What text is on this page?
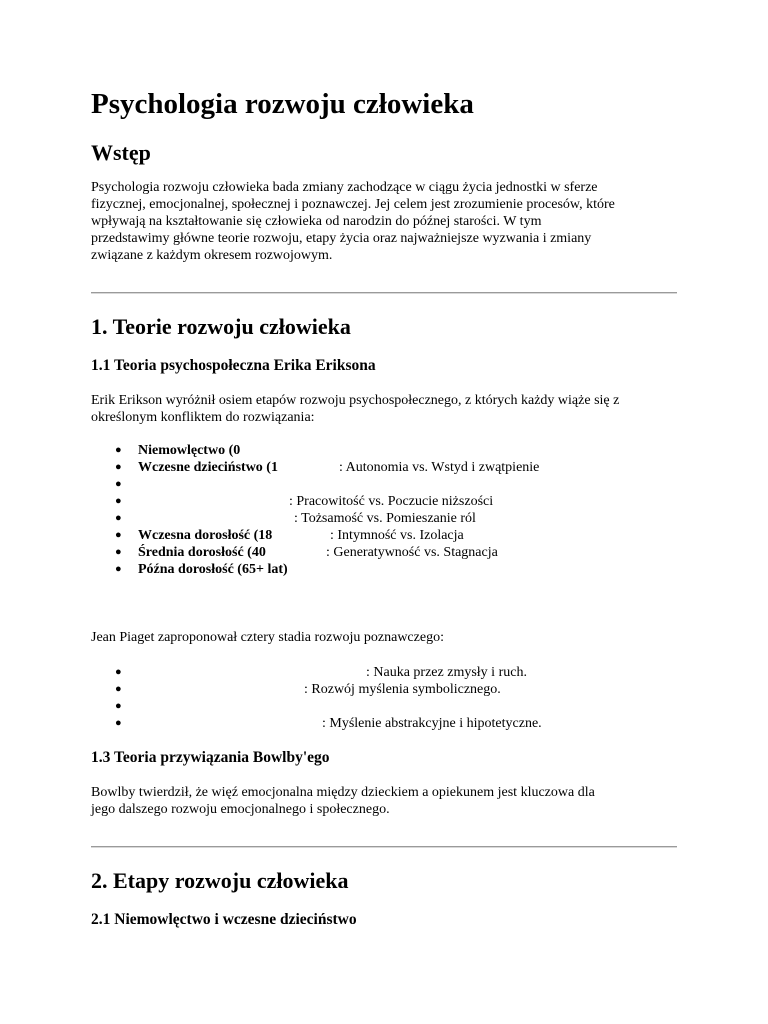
Psychologia rozwoju człowieka
Wstęp

Psychologia rozwoju człowieka bada zmiany zachodzące w ciągu życia jednostki w sferze
fizycznej, emocjonalnej, społecznej i poznawczej. Jej celem jest zrozumienie procesów, które
wpływają na kształtowanie się człowieka od narodzin do późnej starości. W tym
przedstawimy główne teorie rozwoju, etapy życia oraz najważniejsze wyzwania i zmiany
związane z każdym okresem rozwojowym.

1. Teorie rozwoju człowieka
1.1 Teoria psychospołeczna Erika Eriksona

Erik Erikson wyróżnił osiem etapów rozwoju psychospołecznego, z których każdy wiąże się z
określonym konfliktem do rozwiązania:

● Niemowlęctwo (0
● Wczesne dzieciństwo (1	: Autonomia vs. Wstyd i zwątpienie
●
●	: Pracowitość vs. Poczucie niższości
●	: Tożsamość vs. Pomieszanie ról
● Wczesna dorosłość (18	: Intymność vs. Izolacja
● Średnia dorosłość (40	: Generatywność vs. Stagnacja
● Późna dorosłość (65+ lat)

Jean Piaget zaproponował cztery stadia rozwoju poznawczego:

●	: Nauka przez zmysły i ruch.
●	: Rozwój myślenia symbolicznego.
●
●	: Myślenie abstrakcyjne i hipotetyczne.
1.3 Teoria przywiązania Bowlby'ego

Bowlby twierdził, że więź emocjonalna między dzieckiem a opiekunem jest kluczowa dla
jego dalszego rozwoju emocjonalnego i społecznego.

2. Etapy rozwoju człowieka
2.1 Niemowlęctwo i wczesne dzieciństwo
